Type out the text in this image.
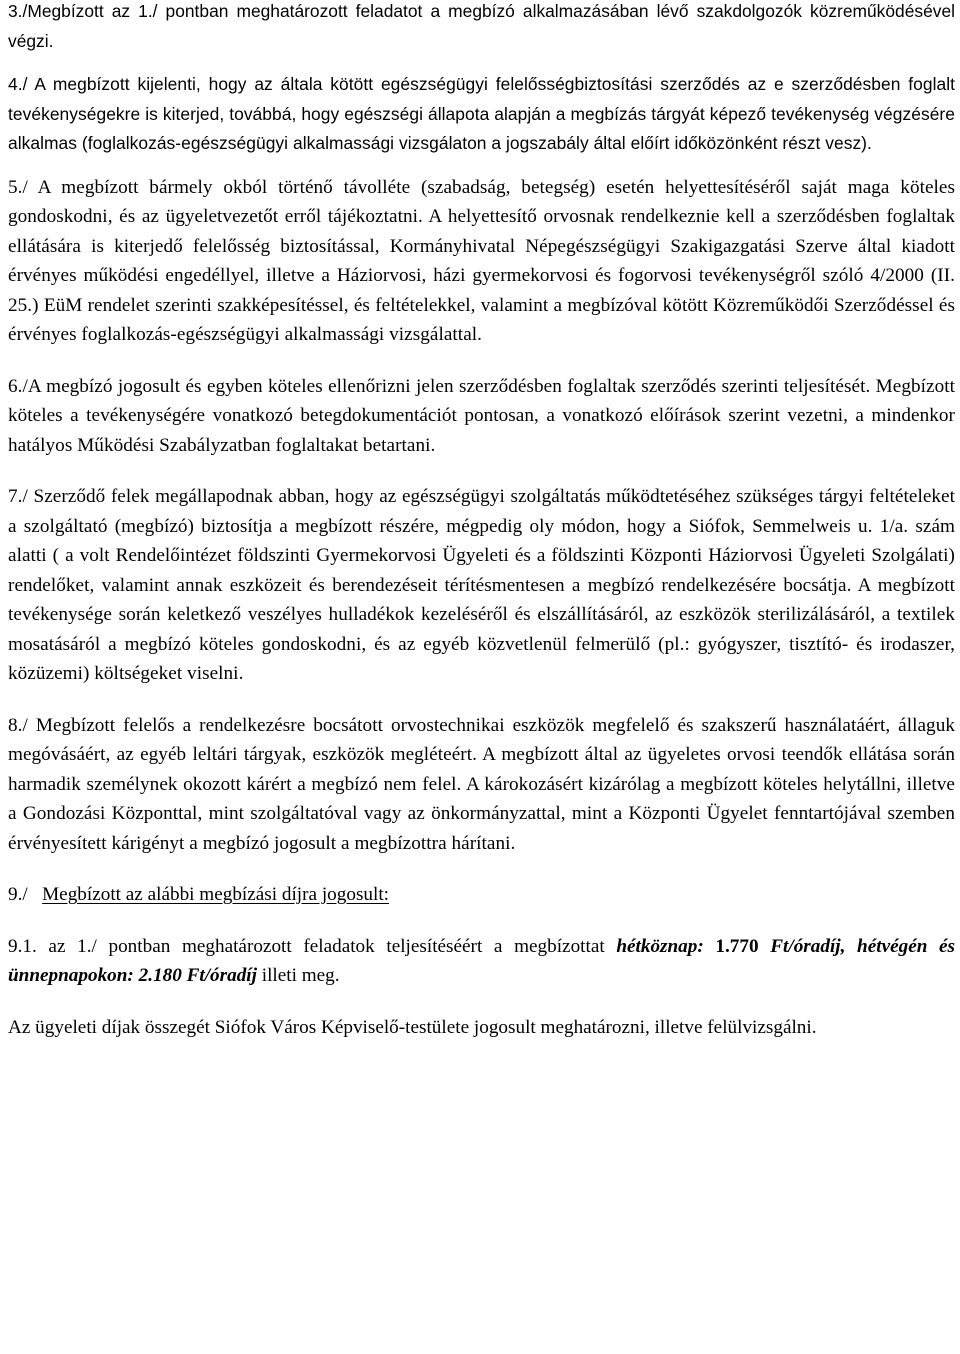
3./Megbízott az 1./ pontban meghatározott feladatot a megbízó alkalmazásában lévő szakdolgozók közreműködésével végzi.

4./ A megbízott kijelenti, hogy az általa kötött egészségügyi felelősségbiztosítási szerződés az e szerződésben foglalt tevékenységekre is kiterjed, továbbá, hogy egészségi állapota alapján a megbízás tárgyát képező tevékenység végzésére alkalmas (foglalkozás-egészségügyi alkalmassági vizsgálaton a jogszabály által előírt időközönként részt vesz).

5./ A megbízott bármely okból történő távolléte (szabadság, betegség) esetén helyettesítéséről saját maga köteles gondoskodni, és az ügyeletvezetőt erről tájékoztatni. A helyettesítő orvosnak rendelkeznie kell a szerződésben foglaltak ellátására is kiterjedő felelősség biztosítással, Kormányhivatal Népegészségügyi Szakigazgatási Szerve által kiadott érvényes működési engedéllyel, illetve a Háziorvosi, házi gyermekorvosi és fogorvosi tevékenységről szóló 4/2000 (II. 25.) EüM rendelet szerinti szakképesítéssel, és feltételekkel, valamint a megbízóval kötött Közreműködői Szerződéssel és érvényes foglalkozás-egészségügyi alkalmassági vizsgálattal.

6./A megbízó jogosult és egyben köteles ellenőrizni jelen szerződésben foglaltak szerződés szerinti teljesítését. Megbízott köteles a tevékenységére vonatkozó betegdokumentációt pontosan, a vonatkozó előírások szerint vezetni, a mindenkor hatályos Működési Szabályzatban foglaltakat betartani.

7./ Szerződő felek megállapodnak abban, hogy az egészségügyi szolgáltatás működtetéséhez szükséges tárgyi feltételeket a szolgáltató (megbízó) biztosítja a megbízott részére, mégpedig oly módon, hogy a Siófok, Semmelweis u. 1/a. szám alatti ( a volt Rendelőintézet földszinti Gyermekorvosi Ügyeleti és a földszinti Központi Háziorvosi Ügyeleti Szolgálati) rendelőket, valamint annak eszközeit és berendezéseit térítésmentesen a megbízó rendelkezésére bocsátja. A megbízott tevékenysége során keletkező veszélyes hulladékok kezeléséről és elszállításáról, az eszközök sterilizálásáról, a textilek mosatásáról a megbízó köteles gondoskodni, és az egyéb közvetlenül felmerülő (pl.: gyógyszer, tisztító- és irodaszer, közüzemi) költségeket viselni.

8./ Megbízott felelős a rendelkezésre bocsátott orvostechnikai eszközök megfelelő és szakszerű használatáért, állaguk megóvásáért, az egyéb leltári tárgyak, eszközök megléteért. A megbízott által az ügyeletes orvosi teendők ellátása során harmadik személynek okozott kárért a megbízó nem felel. A károkozásért kizárólag a megbízott köteles helytállni, illetve a Gondozási Központtal, mint szolgáltatóval vagy az önkormányzattal, mint a Központi Ügyelet fenntartójával szemben érvényesített kárigényt a megbízó jogosult a megbízottra hárítani.

9./ Megbízott az alábbi megbízási díjra jogosult:

9.1. az 1./ pontban meghatározott feladatok teljesítéséért a megbízottat hétköznap: 1.770 Ft/óradíj, hétvégén és ünnepnapokon: 2.180 Ft/óradíj illeti meg.

Az ügyeleti díjak összegét Siófok Város Képviselő-testülete jogosult meghatározni, illetve felülvizsgálni.
